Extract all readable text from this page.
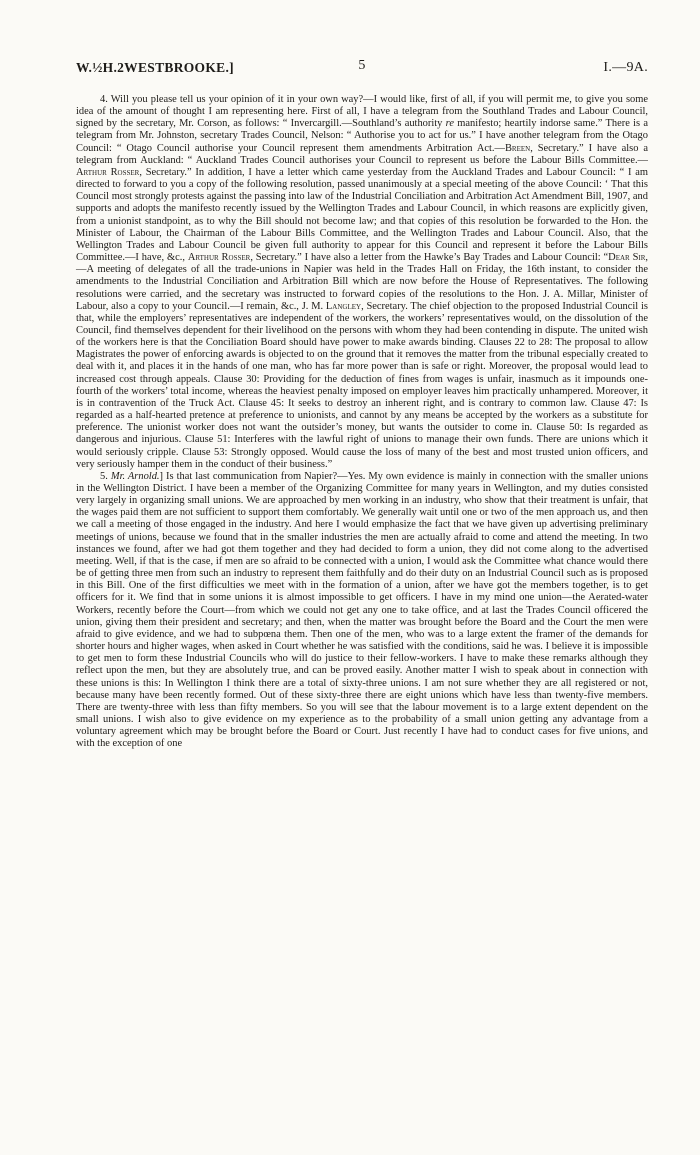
W.½H.2WESTBROOKE.]	5	I.—9A.

4. Will you please tell us your opinion of it in your own way?—I would like, first of all, if you will permit me, to give you some idea of the amount of thought I am representing here. First of all, I have a telegram from the Southland Trades and Labour Council, signed by the secretary, Mr. Corson, as follows: “ Invercargill.—Southland’s authority re manifesto; heartily indorse same.” There is a telegram from Mr. Johnston, secretary Trades Council, Nelson: “ Authorise you to act for us.” I have another telegram from the Otago Council: “ Otago Council authorise your Council represent them amendments Arbitration Act.—Breen, Secretary.” I have also a telegram from Auckland: “ Auckland Trades Council authorises your Council to represent us before the Labour Bills Committee.—Arthur Rosser, Secretary.” In addition, I have a letter which came yesterday from the Auckland Trades and Labour Council: “ I am directed to forward to you a copy of the following resolution, passed unanimously at a special meeting of the above Council: ‘ That this Council most strongly protests against the passing into law of the Industrial Conciliation and Arbitration Act Amendment Bill, 1907, and supports and adopts the manifesto recently issued by the Wellington Trades and Labour Council, in which reasons are explicitly given, from a unionist standpoint, as to why the Bill should not become law; and that copies of this resolution be forwarded to the Hon. the Minister of Labour, the Chairman of the Labour Bills Committee, and the Wellington Trades and Labour Council. Also, that the Wellington Trades and Labour Council be given full authority to appear for this Council and represent it before the Labour Bills Committee.—I have, &c., Arthur Rosser, Secretary.” I have also a letter from the Hawke’s Bay Trades and Labour Council: “Dear Sir,—A meeting of delegates of all the trade-unions in Napier was held in the Trades Hall on Friday, the 16th instant, to consider the amendments to the Industrial Conciliation and Arbitration Bill which are now before the House of Representatives. The following resolutions were carried, and the secretary was instructed to forward copies of the resolutions to the Hon. J. A. Millar, Minister of Labour, also a copy to your Council.—I remain, &c., J. M. Langley, Secretary. The chief objection to the proposed Industrial Council is that, while the employers’ representatives are independent of the workers, the workers’ representatives would, on the dissolution of the Council, find themselves dependent for their livelihood on the persons with whom they had been contending in dispute. The united wish of the workers here is that the Conciliation Board should have power to make awards binding. Clauses 22 to 28: The proposal to allow Magistrates the power of enforcing awards is objected to on the ground that it removes the matter from the tribunal especially created to deal with it, and places it in the hands of one man, who has far more power than is safe or right. Moreover, the proposal would lead to increased cost through appeals. Clause 30: Providing for the deduction of fines from wages is unfair, inasmuch as it impounds one-fourth of the workers’ total income, whereas the heaviest penalty imposed on employer leaves him practically unhampered. Moreover, it is in contravention of the Truck Act. Clause 45: It seeks to destroy an inherent right, and is contrary to common law. Clause 47: Is regarded as a half-hearted pretence at preference to unionists, and cannot by any means be accepted by the workers as a substitute for preference. The unionist worker does not want the outsider’s money, but wants the outsider to come in. Clause 50: Is regarded as dangerous and injurious. Clause 51: Interferes with the lawful right of unions to manage their own funds. There are unions which it would seriously cripple. Clause 53: Strongly opposed. Would cause the loss of many of the best and most trusted union officers, and very seriously hamper them in the conduct of their business.”

5. Mr. Arnold.] Is that last communication from Napier?—Yes. My own evidence is mainly in connection with the smaller unions in the Wellington District. I have been a member of the Organizing Committee for many years in Wellington, and my duties consisted very largely in organizing small unions. We are approached by men working in an industry, who show that their treatment is unfair, that the wages paid them are not sufficient to support them comfortably. We generally wait until one or two of the men approach us, and then we call a meeting of those engaged in the industry. And here I would emphasize the fact that we have given up advertising preliminary meetings of unions, because we found that in the smaller industries the men are actually afraid to come and attend the meeting. In two instances we found, after we had got them together and they had decided to form a union, they did not come along to the advertised meeting. Well, if that is the case, if men are so afraid to be connected with a union, I would ask the Committee what chance would there be of getting three men from such an industry to represent them faithfully and do their duty on an Industrial Council such as is proposed in this Bill. One of the first difficulties we meet with in the formation of a union, after we have got the members together, is to get officers for it. We find that in some unions it is almost impossible to get officers. I have in my mind one union—the Aerated-water Workers, recently before the Court—from which we could not get any one to take office, and at last the Trades Council officered the union, giving them their president and secretary; and then, when the matter was brought before the Board and the Court the men were afraid to give evidence, and we had to subpœna them. Then one of the men, who was to a large extent the framer of the demands for shorter hours and higher wages, when asked in Court whether he was satisfied with the conditions, said he was. I believe it is impossible to get men to form these Industrial Councils who will do justice to their fellow-workers. I have to make these remarks although they reflect upon the men, but they are absolutely true, and can be proved easily. Another matter I wish to speak about in connection with these unions is this: In Wellington I think there are a total of sixty-three unions. I am not sure whether they are all registered or not, because many have been recently formed. Out of these sixty-three there are eight unions which have less than twenty-five members. There are twenty-three with less than fifty members. So you will see that the labour movement is to a large extent dependent on the small unions. I wish also to give evidence on my experience as to the probability of a small union getting any advantage from a voluntary agreement which may be brought before the Board or Court. Just recently I have had to conduct cases for five unions, and with the exception of one
